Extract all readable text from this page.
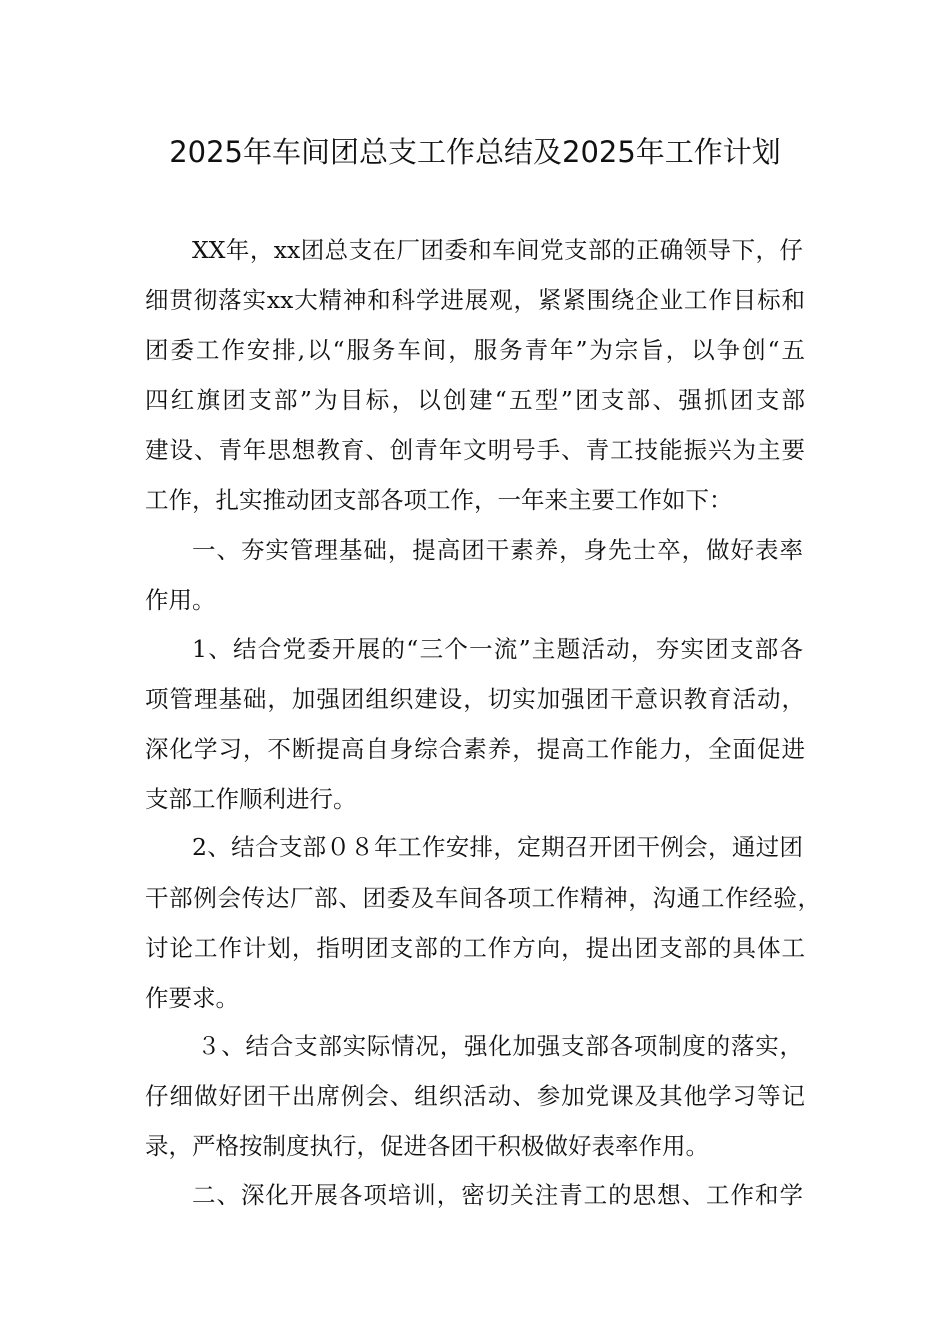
2025年车间团总支工作总结及2025年工作计划
XX年，xx团总支在厂团委和车间党支部的正确领导下，仔
细贯彻落实xx大精神和科学进展观，紧紧围绕企业工作目标和
团委工作安排,以“服务车间，服务青年”为宗旨，以争创“五
四红旗团支部”为目标，以创建“五型”团支部、强抓团支部
建设、青年思想教育、创青年文明号手、青工技能振兴为主要
工作，扎实推动团支部各项工作，一年来主要工作如下：
一、夯实管理基础，提高团干素养，身先士卒，做好表率
作用。
1、结合党委开展的“三个一流”主题活动，夯实团支部各
项管理基础，加强团组织建设，切实加强团干意识教育活动，
深化学习，不断提高自身综合素养，提高工作能力，全面促进
支部工作顺利进行。
2、结合支部０８年工作安排，定期召开团干例会，通过团
干部例会传达厂部、团委及车间各项工作精神，沟通工作经验，
讨论工作计划，指明团支部的工作方向，提出团支部的具体工
作要求。
３、结合支部实际情况，强化加强支部各项制度的落实，
仔细做好团干出席例会、组织活动、参加党课及其他学习等记
录，严格按制度执行，促进各团干积极做好表率作用。
二、深化开展各项培训，密切关注青工的思想、工作和学
